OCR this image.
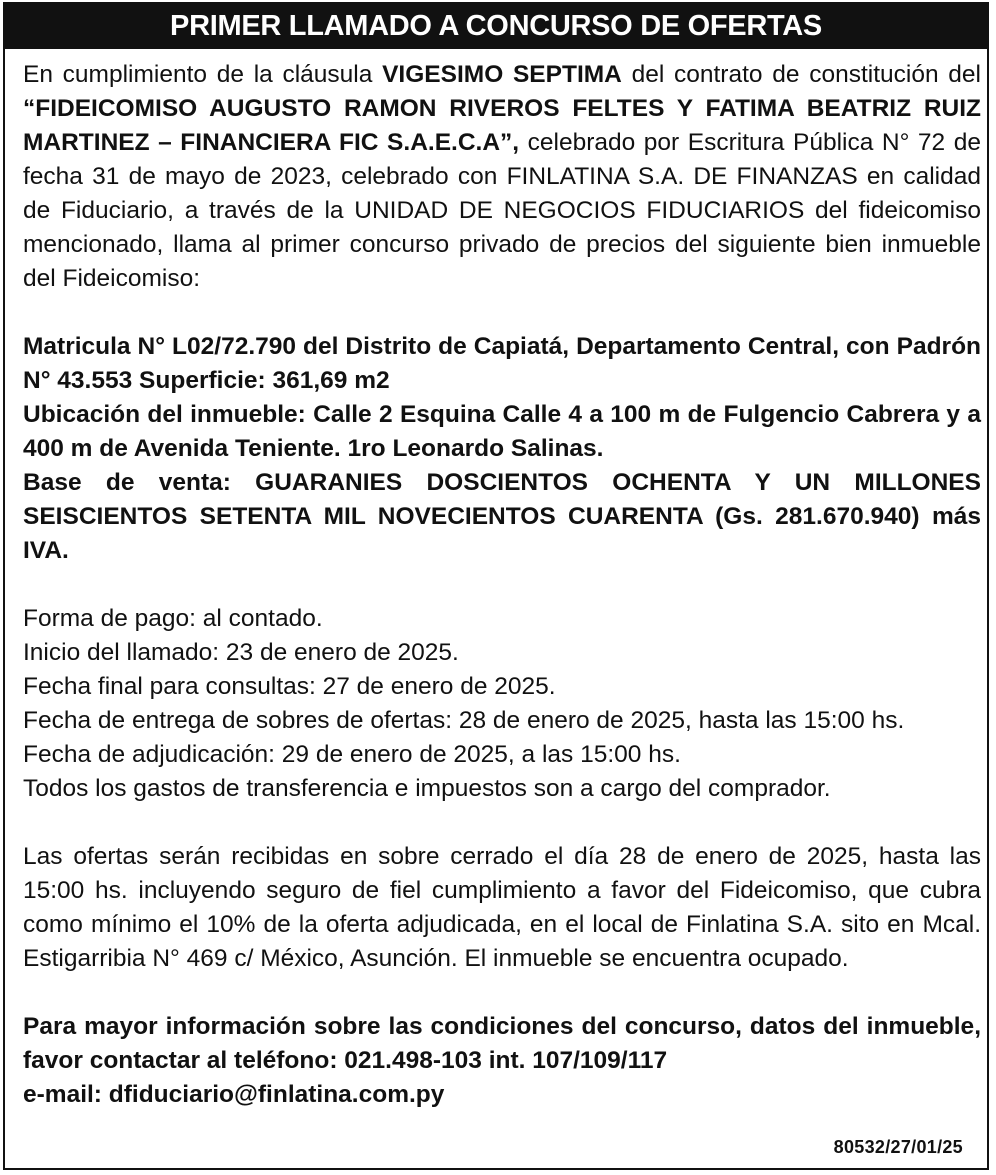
PRIMER LLAMADO A CONCURSO DE OFERTAS

En cumplimiento de la cláusula VIGESIMO SEPTIMA del contrato de constitución del “FIDEICOMISO AUGUSTO RAMON RIVEROS FELTES Y FATIMA BEATRIZ RUIZ MARTINEZ – FINANCIERA FIC S.A.E.C.A”, celebrado por Escritura Pública N° 72 de fecha 31 de mayo de 2023, celebrado con FINLATINA S.A. DE FINANZAS en calidad de Fiduciario, a través de la UNIDAD DE NEGOCIOS FIDUCIARIOS del fideicomiso mencionado, llama al primer concurso privado de precios del siguiente bien inmueble del Fideicomiso:

Matricula N° L02/72.790 del Distrito de Capiatá, Departamento Central, con Padrón N° 43.553 Superficie: 361,69 m2

Ubicación del inmueble: Calle 2 Esquina Calle 4 a 100 m de Fulgencio Cabrera y a 400 m de Avenida Teniente. 1ro Leonardo Salinas.

Base de venta: GUARANIES DOSCIENTOS OCHENTA Y UN MILLONES SEISCIENTOS SETENTA MIL NOVECIENTOS CUARENTA (Gs. 281.670.940) más IVA.

Forma de pago: al contado.

Inicio del llamado: 23 de enero de 2025.

Fecha final para consultas: 27 de enero de 2025.

Fecha de entrega de sobres de ofertas: 28 de enero de 2025, hasta las 15:00 hs.

Fecha de adjudicación: 29 de enero de 2025, a las 15:00 hs.

Todos los gastos de transferencia e impuestos son a cargo del comprador.

Las ofertas serán recibidas en sobre cerrado el día 28 de enero de 2025, hasta las 15:00 hs. incluyendo seguro de fiel cumplimiento a favor del Fideicomiso, que cubra como mínimo el 10% de la oferta adjudicada, en el local de Finlatina S.A. sito en Mcal. Estigarribia N° 469 c/ México, Asunción. El inmueble se encuentra ocupado.

Para mayor información sobre las condiciones del concurso, datos del inmueble, favor contactar al teléfono: 021.498-103 int. 107/109/117

e-mail: dfiduciario@finlatina.com.py

80532/27/01/25
